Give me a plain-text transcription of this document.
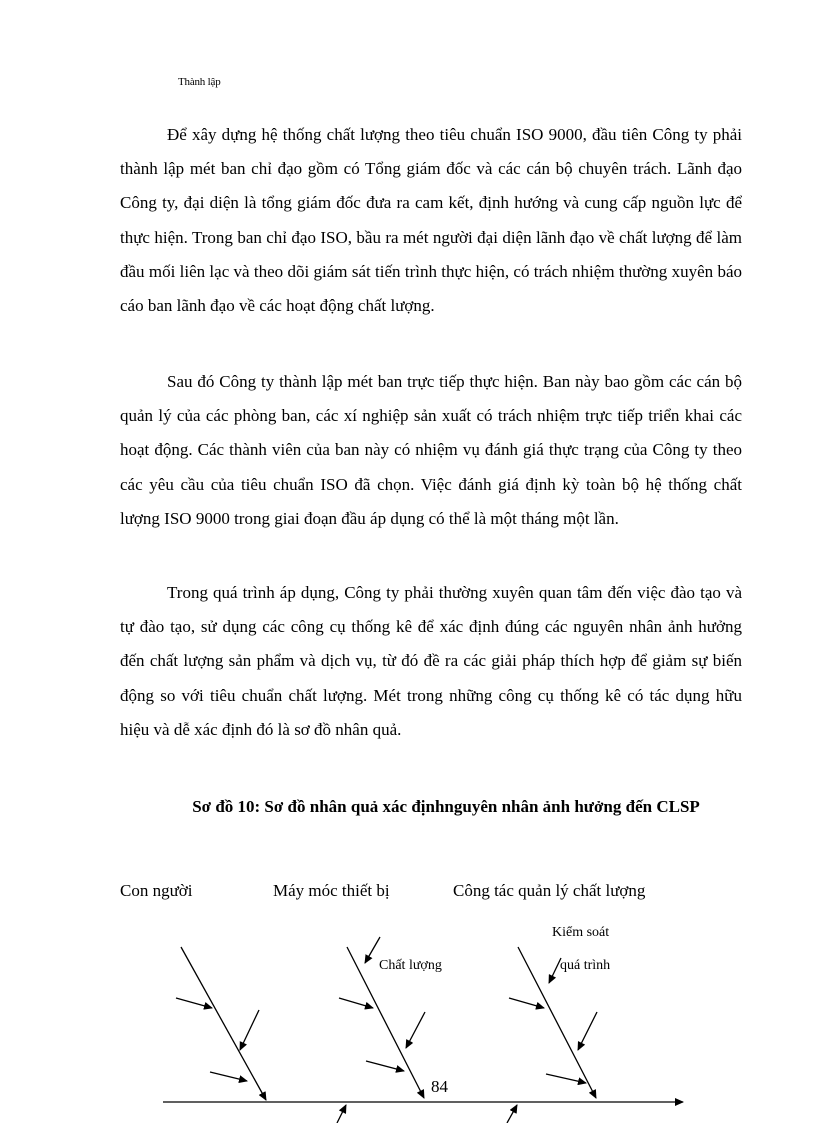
Thành lập

Để xây dựng hệ thống chất lượng theo tiêu chuẩn ISO 9000, đầu tiên Công ty phải thành lập mét ban chỉ đạo gồm có Tổng giám đốc và các cán bộ chuyên trách. Lãnh đạo Công ty, đại diện là tổng giám đốc đưa ra cam kết, định hướng và cung cấp nguồn lực để thực hiện. Trong ban chỉ đạo ISO, bầu ra mét người đại diện lãnh đạo về chất lượng để làm đầu mối liên lạc và theo dõi giám sát tiến trình thực hiện, có trách nhiệm thường xuyên báo cáo ban lãnh đạo về các hoạt động chất lượng.

Sau đó Công ty thành lập mét ban trực tiếp thực hiện. Ban này bao gồm các cán bộ quản lý của các phòng ban, các xí nghiệp sản xuất có trách nhiệm trực tiếp triển khai các hoạt động. Các thành viên của ban này có nhiệm vụ đánh giá thực trạng của Công ty theo các yêu cầu của tiêu chuẩn ISO đã chọn. Việc đánh giá định kỳ toàn bộ hệ thống chất lượng ISO 9000 trong giai đoạn đầu áp dụng có thể là một tháng một lần.

Trong quá trình áp dụng, Công ty phải thường xuyên quan tâm đến việc đào tạo và tự đào tạo, sử dụng các công cụ thống kê để xác định đúng các nguyên nhân ảnh hưởng đến chất lượng sản phẩm và dịch vụ, từ đó đề ra các giải pháp thích hợp để giảm sự biến động so với tiêu chuẩn chất lượng. Mét trong những công cụ thống kê có tác dụng hữu hiệu và dễ xác định đó là sơ đồ nhân quả.

Sơ đồ 10: Sơ đồ nhân quả xác địnhnguyên nhân ảnh hưởng đến CLSP
Con người	Máy móc thiết bị	Công tác quản lý chất lượng
Chất lượng
Kiểm soát
quá trình
84
